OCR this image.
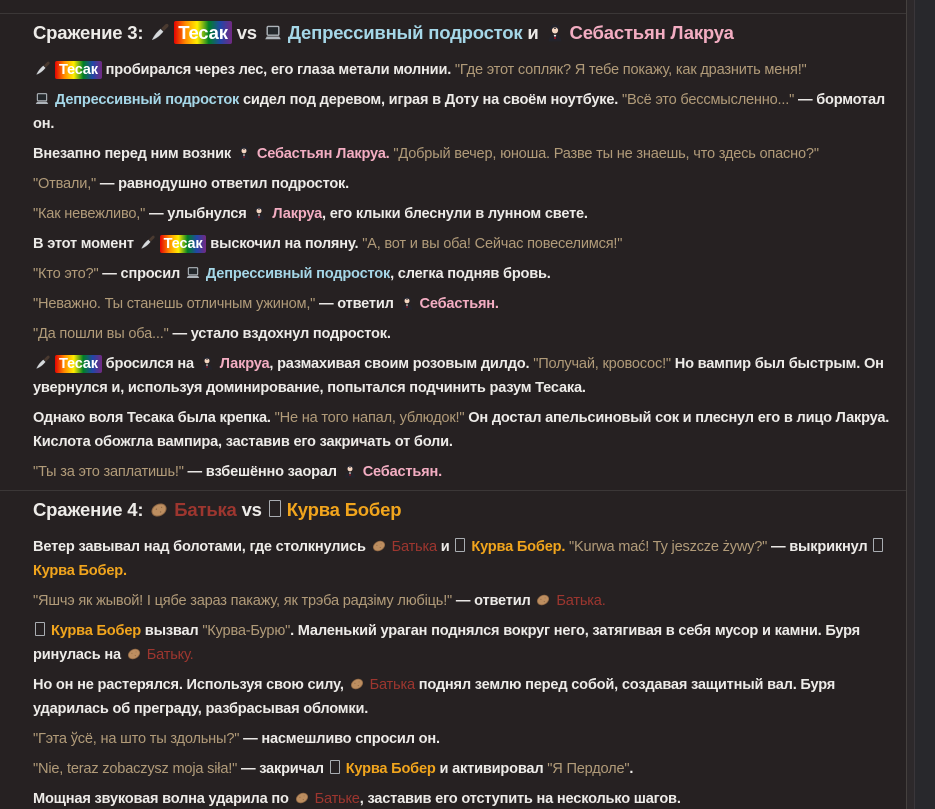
Сражение 3: Тесак vs Депрессивный подросток и Себастьян Лакруа

Тесак пробирался через лес, его глаза метали молнии. "Где этот сопляк? Я тебе покажу, как дразнить меня!"

Депрессивный подросток сидел под деревом, играя в Доту на своём ноутбуке. "Всё это бессмысленно..." — бормотал он.

Внезапно перед ним возник Себастьян Лакруа. "Добрый вечер, юноша. Разве ты не знаешь, что здесь опасно?"

"Отвали," — равнодушно ответил подросток.

"Как невежливо," — улыбнулся Лакруа, его клыки блеснули в лунном свете.

В этот момент Тесак выскочил на поляну. "А, вот и вы оба! Сейчас повеселимся!"

"Кто это?" — спросил Депрессивный подросток, слегка подняв бровь.

"Неважно. Ты станешь отличным ужином," — ответил Себастьян.

"Да пошли вы оба..." — устало вздохнул подросток.

Тесак бросился на Лакруа, размахивая своим розовым дилдо. "Получай, кровосос!" Но вампир был быстрым. Он увернулся и, используя доминирование, попытался подчинить разум Тесака.

Однако воля Тесака была крепка. "Не на того напал, ублюдок!" Он достал апельсиновый сок и плеснул его в лицо Лакруа. Кислота обожгла вампира, заставив его закричать от боли.

"Ты за это заплатишь!" — взбешённо заорал Себастьян.

Сражение 4: Батька vs Курва Бобер

Ветер завывал над болотами, где столкнулись Батька и Курва Бобер. "Kurwa mać! Ty jeszcze żywy?" — выкрикнул Курва Бобер.

"Яшчэ як жывой! І цябе зараз пакажу, як трэба радзіму любіць!" — ответил Батька.

Курва Бобер вызвал "Курва-Бурю". Маленький ураган поднялся вокруг него, затягивая в себя мусор и камни. Буря ринулась на Батьку.

Но он не растерялся. Используя свою силу, Батька поднял землю перед собой, создавая защитный вал. Буря ударилась об преграду, разбрасывая обломки.

"Гэта ўсё, на што ты здольны?" — насмешливо спросил он.

"Nie, teraz zobaczysz moja siła!" — закричал Курва Бобер и активировал "Я Пердоле".

Мощная звуковая волна ударила по Батьке, заставив его отступить на несколько шагов.
